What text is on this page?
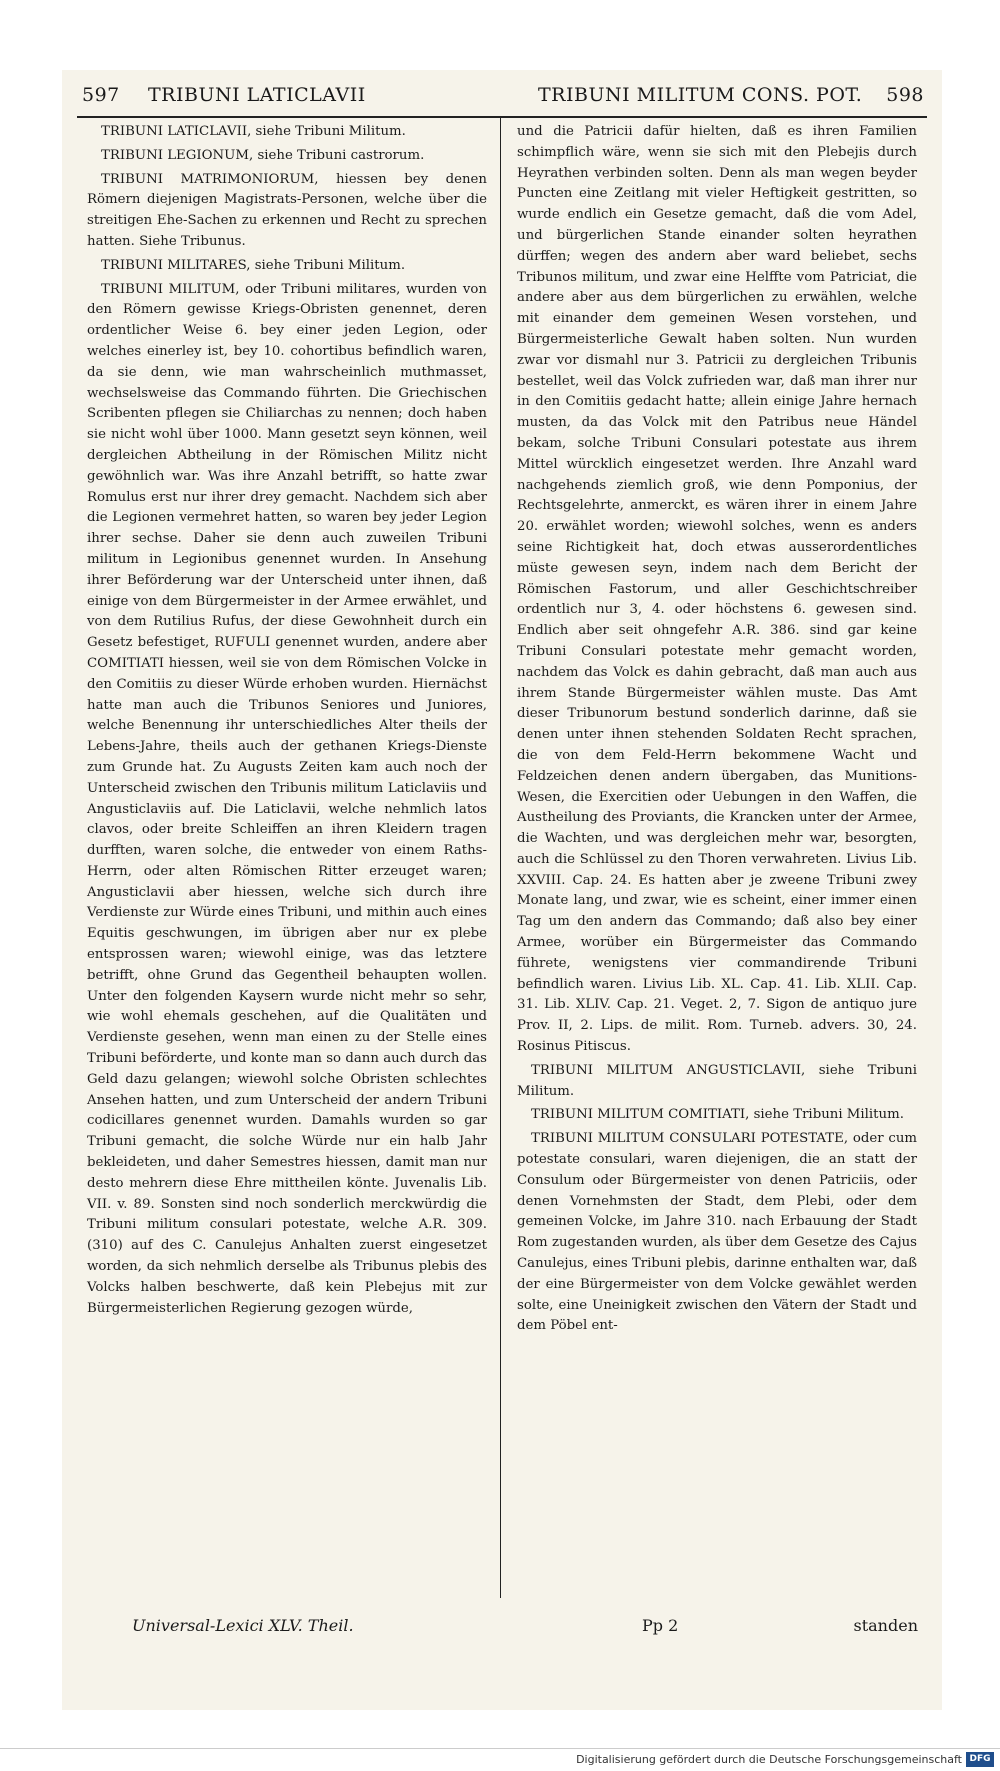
597 TRIBUNI LATICLAVII	TRIBUNI MILITUM CONS. POT. 598

TRIBUNI LATICLAVII, siehe Tribuni Militum.

TRIBUNI LEGIONUM, siehe Tribuni castrorum.

TRIBUNI MATRIMONIORUM, hiessen bey denen Römern diejenigen Magistrats-Personen, welche über die streitigen Ehe-Sachen zu erkennen und Recht zu sprechen hatten. Siehe Tribunus.

TRIBUNI MILITARES, siehe Tribuni Militum.

TRIBUNI MILITUM, oder Tribuni militares, wurden von den Römern gewisse Kriegs-Obristen genennet, deren ordentlicher Weise 6. bey einer jeden Legion, oder welches einerley ist, bey 10. cohortibus befindlich waren, da sie denn, wie man wahrscheinlich muthmasset, wechselsweise das Commando führten. Die Griechischen Scribenten pflegen sie Chiliarchas zu nennen; doch haben sie nicht wohl über 1000. Mann gesetzt seyn können, weil dergleichen Abtheilung in der Römischen Militz nicht gewöhnlich war. Was ihre Anzahl betrifft, so hatte zwar Romulus erst nur ihrer drey gemacht. Nachdem sich aber die Legionen vermehret hatten, so waren bey jeder Legion ihrer sechse. Daher sie denn auch zuweilen Tribuni militum in Legionibus genennet wurden. In Ansehung ihrer Beförderung war der Unterscheid unter ihnen, daß einige von dem Bürgermeister in der Armee erwählet, und von dem Rutilius Rufus, der diese Gewohnheit durch ein Gesetz befestiget, RUFULI genennet wurden, andere aber COMITIATI hiessen, weil sie von dem Römischen Volcke in den Comitiis zu dieser Würde erhoben wurden. Hiernächst hatte man auch die Tribunos Seniores und Juniores, welche Benennung ihr unterschiedliches Alter theils der Lebens-Jahre, theils auch der gethanen Kriegs-Dienste zum Grunde hat. Zu Augusts Zeiten kam auch noch der Unterscheid zwischen den Tribunis militum Laticlaviis und Angusticlaviis auf. Die Laticlavii, welche nehmlich latos clavos, oder breite Schleiffen an ihren Kleidern tragen durfften, waren solche, die entweder von einem Raths-Herrn, oder alten Römischen Ritter erzeuget waren; Angusticlavii aber hiessen, welche sich durch ihre Verdienste zur Würde eines Tribuni, und mithin auch eines Equitis geschwungen, im übrigen aber nur ex plebe entsprossen waren; wiewohl einige, was das letztere betrifft, ohne Grund das Gegentheil behaupten wollen. Unter den folgenden Kaysern wurde nicht mehr so sehr, wie wohl ehemals geschehen, auf die Qualitäten und Verdienste gesehen, wenn man einen zu der Stelle eines Tribuni beförderte, und konte man so dann auch durch das Geld dazu gelangen; wiewohl solche Obristen schlechtes Ansehen hatten, und zum Unterscheid der andern Tribuni codicillares genennet wurden. Damahls wurden so gar Tribuni gemacht, die solche Würde nur ein halb Jahr bekleideten, und daher Semestres hiessen, damit man nur desto mehrern diese Ehre mittheilen könte. Juvenalis Lib. VII. v. 89. Sonsten sind noch sonderlich merckwürdig die Tribuni militum consulari potestate, welche A.R. 309. (310) auf des C. Canulejus Anhalten zuerst eingesetzet worden, da sich nehmlich derselbe als Tribunus plebis des Volcks halben beschwerte, daß kein Plebejus mit zur Bürgermeisterlichen Regierung gezogen würde,

und die Patricii dafür hielten, daß es ihren Familien schimpflich wäre, wenn sie sich mit den Plebejis durch Heyrathen verbinden solten. Denn als man wegen beyder Puncten eine Zeitlang mit vieler Heftigkeit gestritten, so wurde endlich ein Gesetze gemacht, daß die vom Adel, und bürgerlichen Stande einander solten heyrathen dürffen; wegen des andern aber ward beliebet, sechs Tribunos militum, und zwar eine Helffte vom Patriciat, die andere aber aus dem bürgerlichen zu erwählen, welche mit einander dem gemeinen Wesen vorstehen, und Bürgermeisterliche Gewalt haben solten. Nun wurden zwar vor dismahl nur 3. Patricii zu dergleichen Tribunis bestellet, weil das Volck zufrieden war, daß man ihrer nur in den Comitiis gedacht hatte; allein einige Jahre hernach musten, da das Volck mit den Patribus neue Händel bekam, solche Tribuni Consulari potestate aus ihrem Mittel würcklich eingesetzet werden. Ihre Anzahl ward nachgehends ziemlich groß, wie denn Pomponius, der Rechtsgelehrte, anmerckt, es wären ihrer in einem Jahre 20. erwählet worden; wiewohl solches, wenn es anders seine Richtigkeit hat, doch etwas ausserordentliches müste gewesen seyn, indem nach dem Bericht der Römischen Fastorum, und aller Geschichtschreiber ordentlich nur 3, 4. oder höchstens 6. gewesen sind. Endlich aber seit ohngefehr A.R. 386. sind gar keine Tribuni Consulari potestate mehr gemacht worden, nachdem das Volck es dahin gebracht, daß man auch aus ihrem Stande Bürgermeister wählen muste. Das Amt dieser Tribunorum bestund sonderlich darinne, daß sie denen unter ihnen stehenden Soldaten Recht sprachen, die von dem Feld-Herrn bekommene Wacht und Feldzeichen denen andern übergaben, das Munitions-Wesen, die Exercitien oder Uebungen in den Waffen, die Austheilung des Proviants, die Krancken unter der Armee, die Wachten, und was dergleichen mehr war, besorgten, auch die Schlüssel zu den Thoren verwahreten. Livius Lib. XXVIII. Cap. 24. Es hatten aber je zweene Tribuni zwey Monate lang, und zwar, wie es scheint, einer immer einen Tag um den andern das Commando; daß also bey einer Armee, worüber ein Bürgermeister das Commando führete, wenigstens vier commandirende Tribuni befindlich waren. Livius Lib. XL. Cap. 41. Lib. XLII. Cap. 31. Lib. XLIV. Cap. 21. Veget. 2, 7. Sigon de antiquo jure Prov. II, 2. Lips. de milit. Rom. Turneb. advers. 30, 24. Rosinus Pitiscus.

TRIBUNI MILITUM ANGUSTICLAVII, siehe Tribuni Militum.

TRIBUNI MILITUM COMITIATI, siehe Tribuni Militum.

TRIBUNI MILITUM CONSULARI POTESTATE, oder cum potestate consulari, waren diejenigen, die an statt der Consulum oder Bürgermeister von denen Patriciis, oder denen Vornehmsten der Stadt, dem Plebi, oder dem gemeinen Volcke, im Jahre 310. nach Erbauung der Stadt Rom zugestanden wurden, als über dem Gesetze des Cajus Canulejus, eines Tribuni plebis, darinne enthalten war, daß der eine Bürgermeister von dem Volcke gewählet werden solte, eine Uneinigkeit zwischen den Vätern der Stadt und dem Pöbel ent-

Universal-Lexici XLV. Theil.	Pp 2	standen
Digitalisierung gefördert durch die Deutsche Forschungsgemeinschaft DFG
